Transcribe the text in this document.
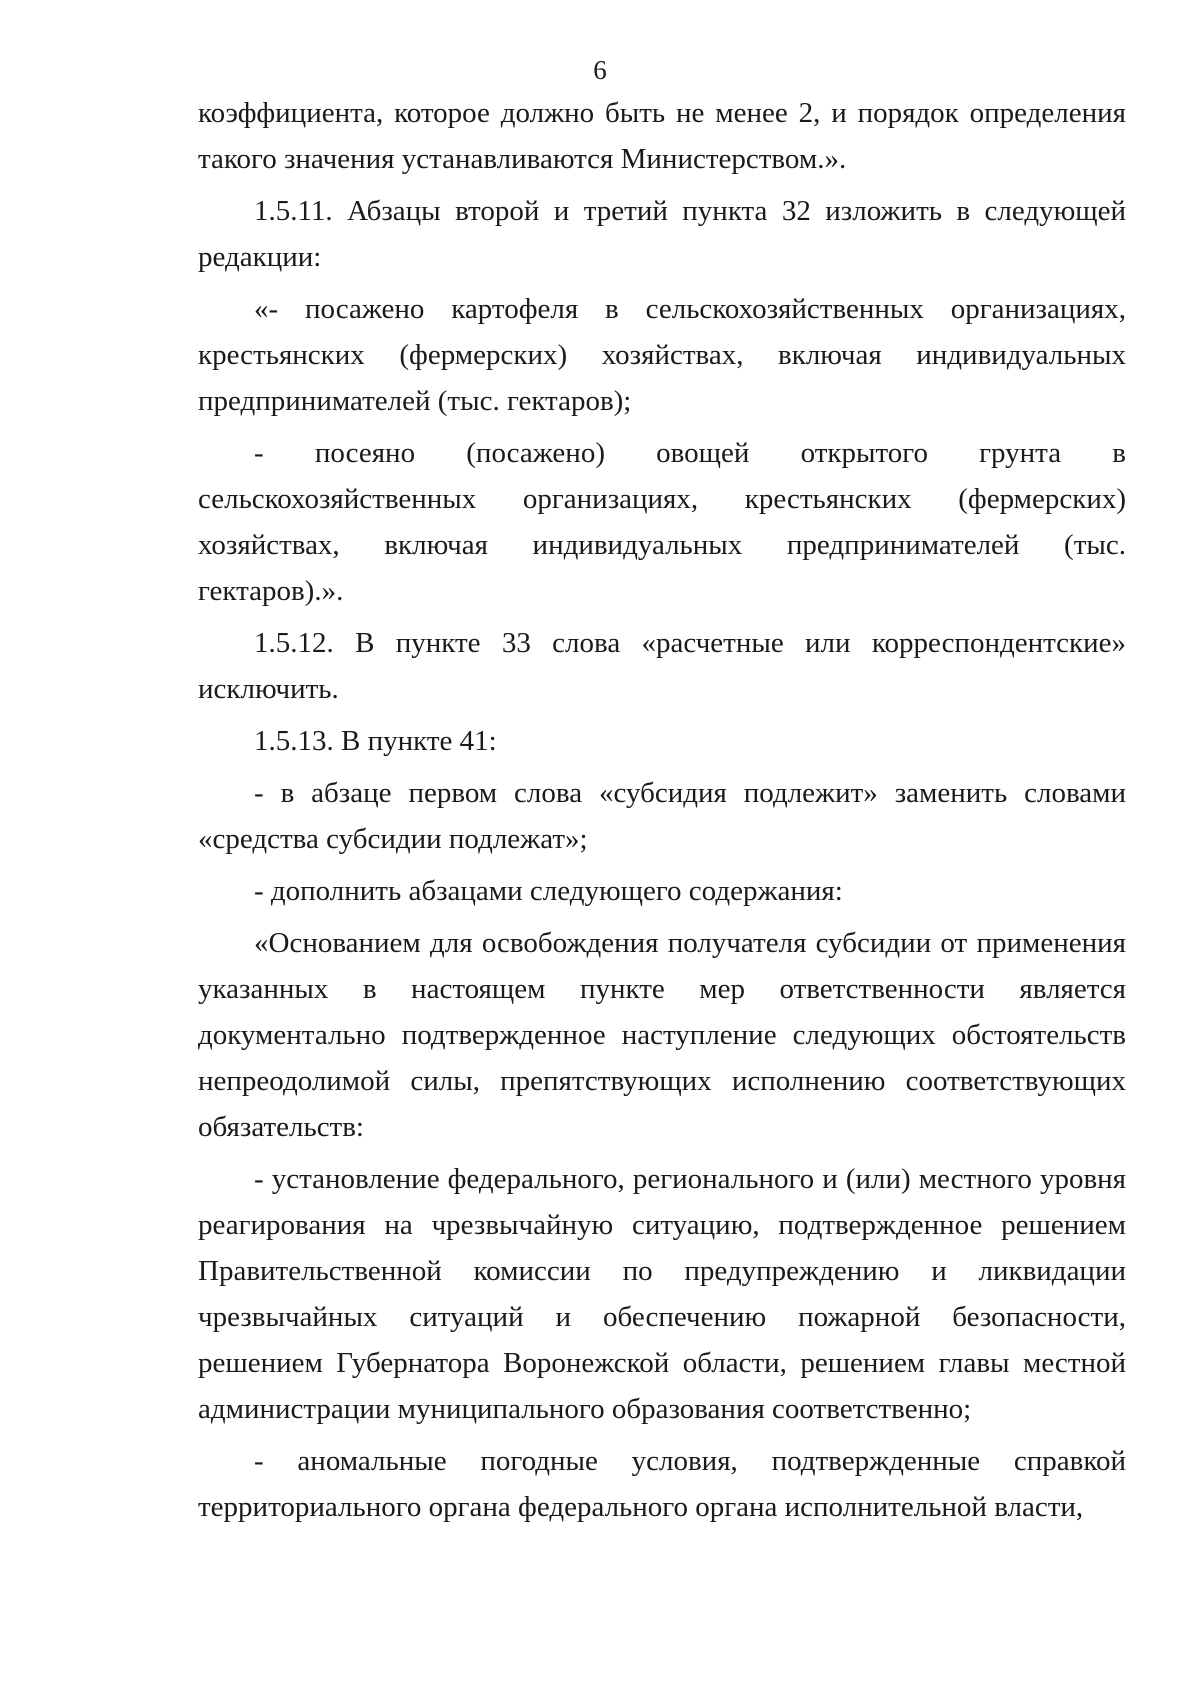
6

коэффициента, которое должно быть не менее 2, и порядок определения такого значения устанавливаются Министерством.».

1.5.11. Абзацы второй и третий пункта 32 изложить в следующей редакции:

«- посажено картофеля в сельскохозяйственных организациях, крестьянских (фермерских) хозяйствах, включая индивидуальных предпринимателей (тыс. гектаров);

- посеяно (посажено) овощей открытого грунта в сельскохозяйственных организациях, крестьянских (фермерских) хозяйствах, включая индивидуальных предпринимателей (тыс. гектаров).».

1.5.12. В пункте 33 слова «расчетные или корреспондентские» исключить.

1.5.13. В пункте 41:

- в абзаце первом слова «субсидия подлежит» заменить словами «средства субсидии подлежат»;

- дополнить абзацами следующего содержания:

«Основанием для освобождения получателя субсидии от применения указанных в настоящем пункте мер ответственности является документально подтвержденное наступление следующих обстоятельств непреодолимой силы, препятствующих исполнению соответствующих обязательств:

- установление федерального, регионального и (или) местного уровня реагирования на чрезвычайную ситуацию, подтвержденное решением Правительственной комиссии по предупреждению и ликвидации чрезвычайных ситуаций и обеспечению пожарной безопасности, решением Губернатора Воронежской области, решением главы местной администрации муниципального образования соответственно;

- аномальные погодные условия, подтвержденные справкой территориального органа федерального органа исполнительной власти,
